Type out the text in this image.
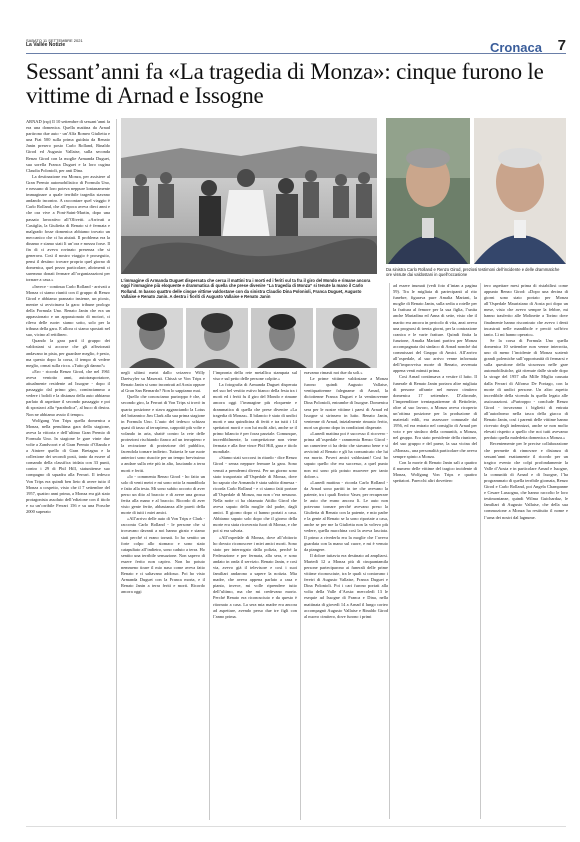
SABATO 11 SETTEMBRE 2021
La Vallée Notizie	Cronaca 7
Sessant’anni fa «La tragedia di Monza»: cinque furono le vittime di Arnad e Issogne

ARNAD (rsp) Il 10 settembre di sessant’anni fa era una domenica. Quella mattina da Arnad partirono due auto - un’Alfa Romeo Giulietta e una Fiat 500 sulla prima guidata da Renato Janin presero posto Carlo Rolland, Rinaldo Girod ed Augusto Vallaise, sulla seconda Renzo Girod con la moglie Armanda Duguet, sua sorella Franca Duguet e la loro cugina Claudia Polonioli, per anti Dina.

La destinazione era Monza, per assistere al Gran Premio automobilistico di Formula Uno, e nessuno di loro poteva neppure lontanamente immaginare a quale terribile tragedia stavano andando incontro. A raccontare quel viaggio è Carlo Rolland, che all’epoca aveva dieci anni e che ora vive a Pont-Saint-Martin, dopo una passato lavorativo all’Olivetti. «Arrivati a Castiglia, la Giulietta di Renato si è fermata e malgrado fosse domenica abbiamo trovato un meccanico che ci ha aiutati. Il problema era la dinamo e siamo stati lì un’ora e mezza forse. Il fin di ci aveva rovinato presenza che si generava. Così il nostro viaggio è proseguito, pensi il destino: trovare proprio quel giorno di domenica, quel pezzo particolare, altrimenti ci saremmo donati fermare all’organizzazioni per tornare a casa.»

«Invece - continua Carlo Rolland - arrivati a Monza ci siamo riuniti con il gruppo di Renzo Girod e abbiamo pranzato insieme, un picnic, mentre si avvicinava la gara: tribune prologo della Formula Uno. Renato Janin che era un appassionato e un appassionato di motori, ci rileva delle ruote: siamo sotto, solo per la tribuna della gara. E allora ci siamo spostati nel suo, vicino al rettilineo.

Quando la gara partì il gruppo dei valdostani si accorse che gli affezionati andavano in pista, per guardare meglio, è pesto, ma questo dopo la corsa, il tempo di vedere meglio, ormai sulla ricca. «Tutto gli danno?»

«Ero - ricorda Renzo Girod, che nel 1961 aveva ventotto anni, autotrasportatore, attualmente residente ad Issogne - dopo il passaggio dal primo giro, cominciammo a vedere i bolidi e la distanza della auto abbiamo parlato di aspettare il secondo passaggio e poi di spostarci alla “parabolica”, al buco di destra. Non ne abbiamo avuto il tempo»

Wolfgang Von Trips quella domenica a Monza, nella penultima gara della stagione, aveva la vittoria e dell’ultimo Gran Premio di Formula Uno. In stagione le gare vinte due volte a Zandvoort e al Gran Premio d’Olanda e a Aintree quello di Gran Bretagna e la collezione dei secondi posti, tanto da essere al comando della classifica iridata con 33 punti, contro i 29 di Phil Hill, statunitense suo compagno di squadra alla Ferrari. Il tedesco Von Trips era quindi ben lieto di avere tutto il Monza a cospetto, visto che il 7 settembre del 1957, quattro anni prima, a Monza era già stato protagonista assoluto dell’edizione con il titolo e su un’orribile Ferrari 156 e su una Porsche 2000 superato

L’immagine di Armanda Duguet dispersata che cerca il mattini tra i morti ed i feriti sul ta fra il giro del Mondo e rimane ancora oggi l’immagine più eloquente e drammatica di quella che prese divenire “La tragedia di Monza” si tenute la mano il Carlo Rolland. In basso quattro delle cinque vittime valdostane con da sinistra Claudio Dina Polonioli, Franca Duguet, Augusto Vallaise e Renato Janin. A destra i fioriti di Augusto Vallaise e Renato Janin
Da sinistra Carlo Rolland e Renzo Girod, preziosi testimoni dell’incidente e delle drammatiche ore vissute dai valdostani in quell’occasione

negli ultimi metri dallo svizzero Willy Daetwyler su Maserati. Chissà se Von Trips e Renato Janin si sono incontrati ad Aosta oppure al Gran San Bernardo? Non lo sappiamo mai.

Quello che conosciamo purtroppo è che, al secondo giro, la Ferrari di Von Trips si trovò in quarta posizione e stava agganciando la Lotus del britannico Jim Clark alla sua prima stagione in Formula Uno. L’auto del tedesco schizza quasi di tasso al terrapieno, cappottò più volte e volando in aria, sbatté contro la rete delle protezioni rischiando fianco ad un terrapieno e la recinzione di protezione del pubblico, facendola tornare indietro. Tuttavia le sue ruote anteriori sono riuscite per un tempo brevissimo a andare sulla rete più in alto, lasciando a terra morti e feriti.

«Io - commenta Renzo Girod - ho fatto un solo di venti metri e mi sono rotto la mandibola e fatto alla testa. Mi sono subito accorto di aver perso un dito al braccio e di avere una grossa ferita alla mano e al braccio. Ricordo di aver visto gente ferite, abbastanza alle pareti della morte di tutti i miei amici.

«All’arrivo delle auto di Von Trips e Clark - racconta Carlo Rolland - le persone che si trovavano davanti a noi hanno girato e siamo stati perché ci erano tornati. Io ho sentito un forte colpo allo stomaco e sono stato catapultato all’indietro, sono caduto a terra. Ho sentito una terribile sensazione. Non sapevo di essere ferito non capivo. Non ho potuto nemmeno tirare il mio naso come aveva fatto Renato e ci saltavano addosso. Poi ho visto Armanda Duguet con la Franca morta, e il Renato Janin a terra feriti e morti. Ricordo ancora oggi

l’impronta della rete metallica stampata sul viso e sul petto delle persone colpite.»

La fotografia di Armanda Duguet disperata nel suo bel vestito estivo bianco della festa tra i morti ed i feriti fu il giro del Mondo e rimane ancora oggi l’immagine più eloquente e drammatica di quella che prese divenire «La tragedia di Monza». Il bilancio è stato di undici morti e una quindicina di feriti e tra tutti i 14 spettatori morti e con lui molti altri, anche se il primo bilancio è per forza parziale. Comunque, incredibilmente, la competizione non viene fermata e alla fine vince Phil Hill, gara e titolo mondiale.

«Siamo stati soccorsi in ritardo - dice Renzo Girod - senza neppure fermare la gara. Sono venuti a prendermi diversi. Per un giorno sono stato trasportato all’Ospedale di Monza, dove ho saputo che Armanda è stata subito dimessa - ricorda Carlo Rolland - e ci siamo fatti portare all’Ospedale di Monza, ma non c’era nessuno. Nella notte ci ha chiamato Attilio Girod che aveva saputo della moglie dal padre, dagli amici. Il giorno dopo ci hanno portati a casa. Abbiamo saputo solo dopo che il giorno della morte era stata ricoverata fuori di Monza, e che poi si era salvata.

«All’ospedale di Monza, dove all’obitorio ho dovuto riconoscere i miei amici morti. Sono stato per interrogato dalla polizia, perché la Federazione e per fermata, alla sera, e sono andato in onda il servizio. Renato Janin, e così via, avevo già il televisore e così i suoi familiari andarono a sapere la notizia. Mia madre, che aveva appena parlato a casa e pianto, invece, mi volle riprendere tutto dell’ultimo, ma che mi credevano morto. Perché Renato era riconosciuto e da questo è ritornato a casa. La sera mia madre era ancora ad aspettare, avendo perso due tre figli con l’anno prima.

eravamo rimasti noi due da soli.»

Le prime vittime valdostane a Monza furono quindi Augusto Vallaise, ventiquattrenne falegname di Arnad, la diciottenne Franca Duguet e la ventinovenne Dina Polonioli, entrambe di Issogne. Domenica sera per le nostre vittime i paesi di Arnad ed Issogne si strinsero in lutto. Renato Janin, ventenne di Arnad, inizialmente rimasto ferito, morì un giorno dopo in condizioni disperate.

«Lunedì mattina poi è successo il ricovero - prima all’ospedale - rammenta Renzo Girod - un cameriere ci ha detto che stavamo bene e si avvicinò al Renato e gli ha comunicato che lui era morto. Poveri amici valdostani! Così ho saputo quello che era successo, a quel punto non mi sono più potuto muovere per tanto dolore.»

«Lunedì mattina - ricorda Carlo Rolland - da Arnad sono partiti in tre che avevano la patente, tra i quali Enrico Vaser, per recuperare le auto che erano ancora lì. Le auto non potevano tornare perché avevano preso la Giulietta di Renato con la patente, e mio padre e la gente al Renato se la sono riportate a casa, anche se per me la Giulietta non la volevo più vedere, quella macchina così la aveva lasciata. Il primo a rivederla era la moglie che l’aveva guardata con la mano sul cuore, e mi è venuto da piangere.

Il dolore tuttavia era destinato ad ampliarsi. Martedì 12 a Monza più di cinquantamila persone parteciparono ai funerali delle prime vittime riconosciute, tra le quali si contavano i feretri di Augusto Vallaise, Franca Duguet e Dina Polonioli. Poi i cari furono portati alla volta della Valle d’Aosta: mercoledì 13 le esequie ad Issogne di Franca e Dina, nella mattinata di giovedì 14 a Arnad il lungo corteo accompagnò Augusto Vallaise e Rinaldo Girod al nuovo cimitero, dove furono i primi

ad essere inumati (vedi foto d’intan a pagina 59). Tra le migliaia di partecipanti al rito funebre, figurava pure Amalia Mariani, la moglie di Renato Janin, sulla sedia a rotelle per la frattura al femore per la sua figlia, l’unita anche Mariadina ed Anna di sette, visto che il marito era ancora in pericolo di vita, anzi aveva una prognosi di trenta giorni, per la contrazione cranica e le varie fratture. Quindi finita la funzione, Amalia Mariani partiva per Monza accompagnata dai sindaco di Arnad nonché dai commissari del Gruppo di Amici. All’arrivo all’ospedale, al suo arrivo venne informata dell’improvvisa morte di Renato, avvenuta appena venti minuti prima.

Così Arnad continuava a vestire il lutto. Il funerale di Renato Janin portava altre migliaia di persone affrante nel mezzo cimitero domenica 17 settembre. D’altronde, l’imprenditore trentaquattrenne di Bettolette, oltre al suo lavoro, a Monza aveva ricoperto un’ottima posizione per la produzione di materiali edili, era assessore comunale dal 1956, ed era entrato nel consiglio di Arnad per voto e per sindaco della comunità, a Monza, nel gruppo. Era stato presidente della riunione, del suo gruppo e del paese, la sua vicina del «Monza», una personalità particolare che aveva sempre spinto a Monza.

Con la morte di Renato Janin salì a quattro il numero delle vittime del tragico incidente di Monza, Wolfgang Von Trips e quattro spettatori. Parecchi altri dovettero

tero aspettare mesi prima di ristabilirsi come appunto Renzo Girod: «Dopo una decina di giorni sono stato portato per Monza all’Ospedale Mauriziano di Aosta poi dopo un mese, visto che avevo sempre la febbre, mi hanno trasferito alle Molinette a Torino dove finalmente hanno riscontrato che avevo i denti incastrati nelle mandibole e perciò soffrivo tanto. Lì mi hanno operato».

Se la corsa di Formula Uno quella domenica 10 settembre non venne interrotta, uno di meno l’incidente di Monza scatenò grandi polemiche sull’opportunità di fermarsi e sulla questione della sicurezza nelle gare automobilistiche, già ritenute dalle strade dopo la strage del 1957 alla Mille Miglia causata dalla Ferrari di Alfonso De Portago, con la morte di undici persone. Un altro aspetto incredibile della vicenda fu quello legato alle assicurazioni. «Purtroppo - conclude Renzo Girod - trovavamo i biglietti di entrata all’autodromo nella tasca della giacca di Renato Janin, così i parenti delle vittime hanno ricevuto degli indennizzi, anche se non molto elevati rispetto a quello che noi tutti avevamo perduto quella maledetta domenica a Monza.»

Recentemente per le precise collaborazione che permette di rinnovare e distanza di sessant’anni esattamente il ricordo per un tragico evento che colpì profondamente la Valle d’Aosta e in particolare Arnad e Issogne, la comunità di Arnad e di Issogne, l’ha programmato di quella terribile giornata, Renzo Girod e Carlo Rolland, poi Angela Champanne e Cesare Lussogna, che hanno raccolto le loro testimonianze, quindi Wilma Guichardaz, le familiari di Augusto Vallaise, che della sua commozione a Monza ha restituito il nome e l’urna dei nostri dal lagnume.
